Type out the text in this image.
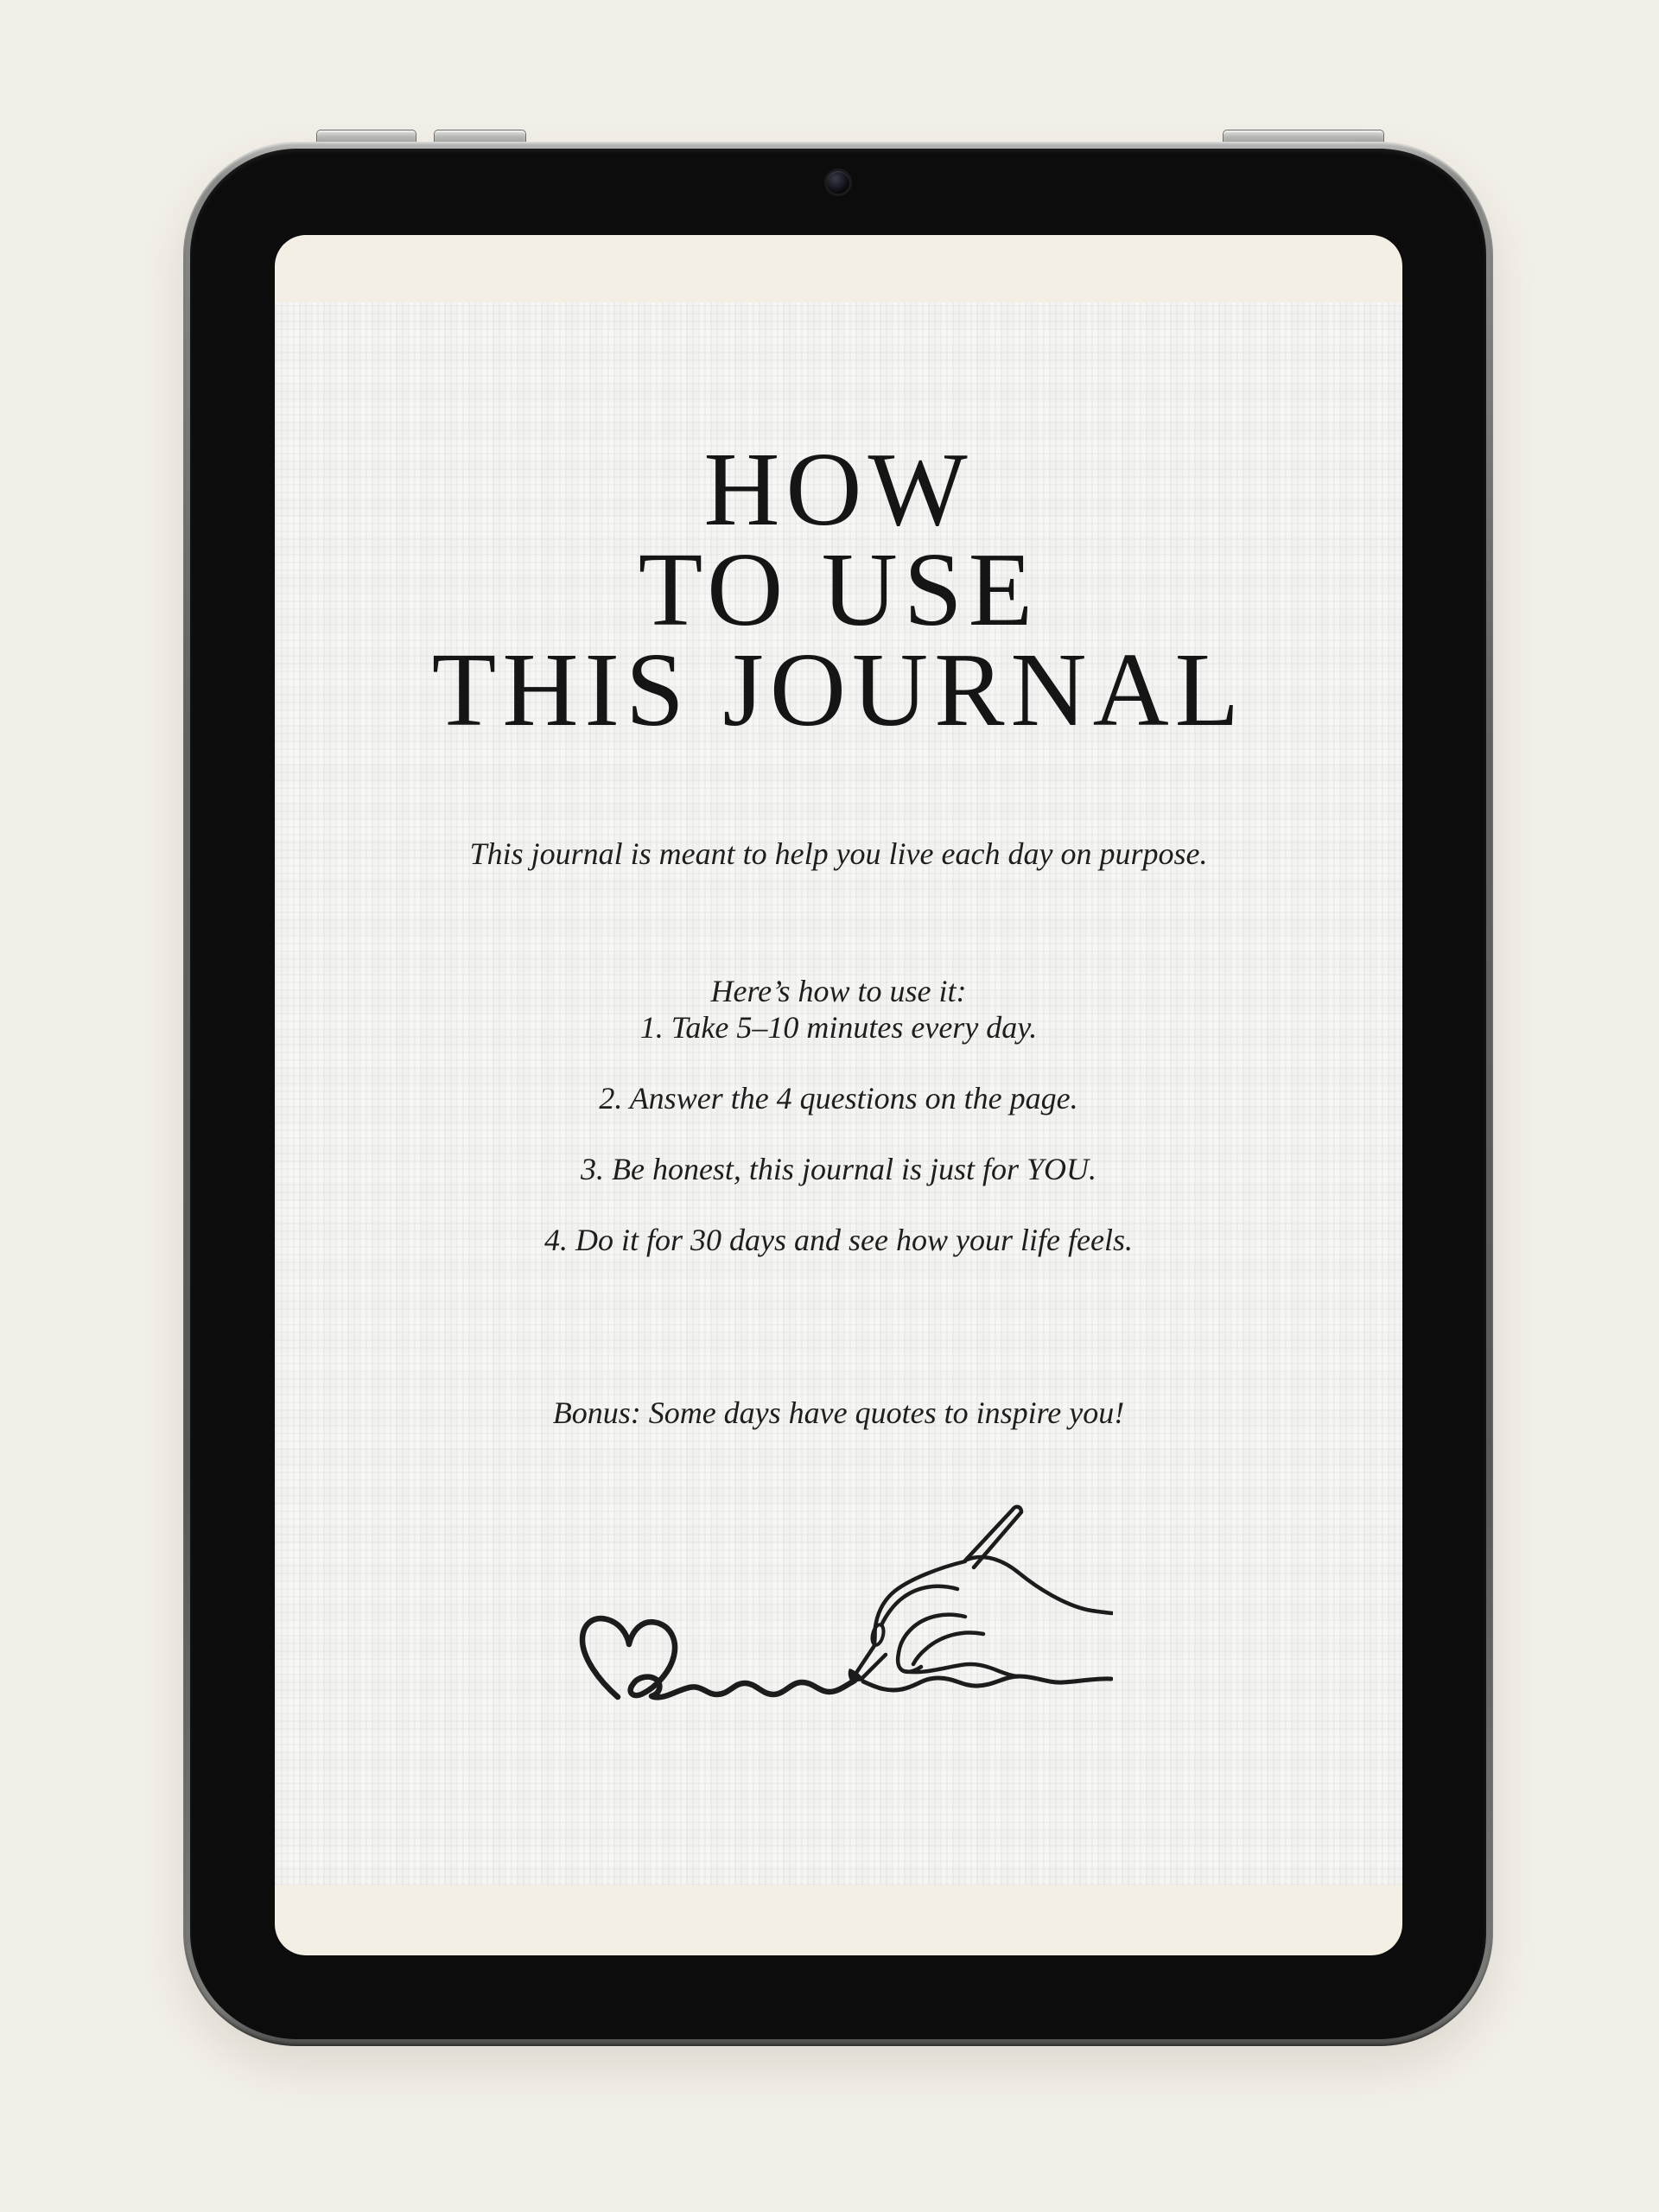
HOW
TO USE
THIS JOURNAL

This journal is meant to help you live each day on purpose.

Here’s how to use it:

1. Take 5–10 minutes every day.
2. Answer the 4 questions on the page.
3. Be honest, this journal is just for YOU.
4. Do it for 30 days and see how your life feels.

Bonus: Some days have quotes to inspire you!
